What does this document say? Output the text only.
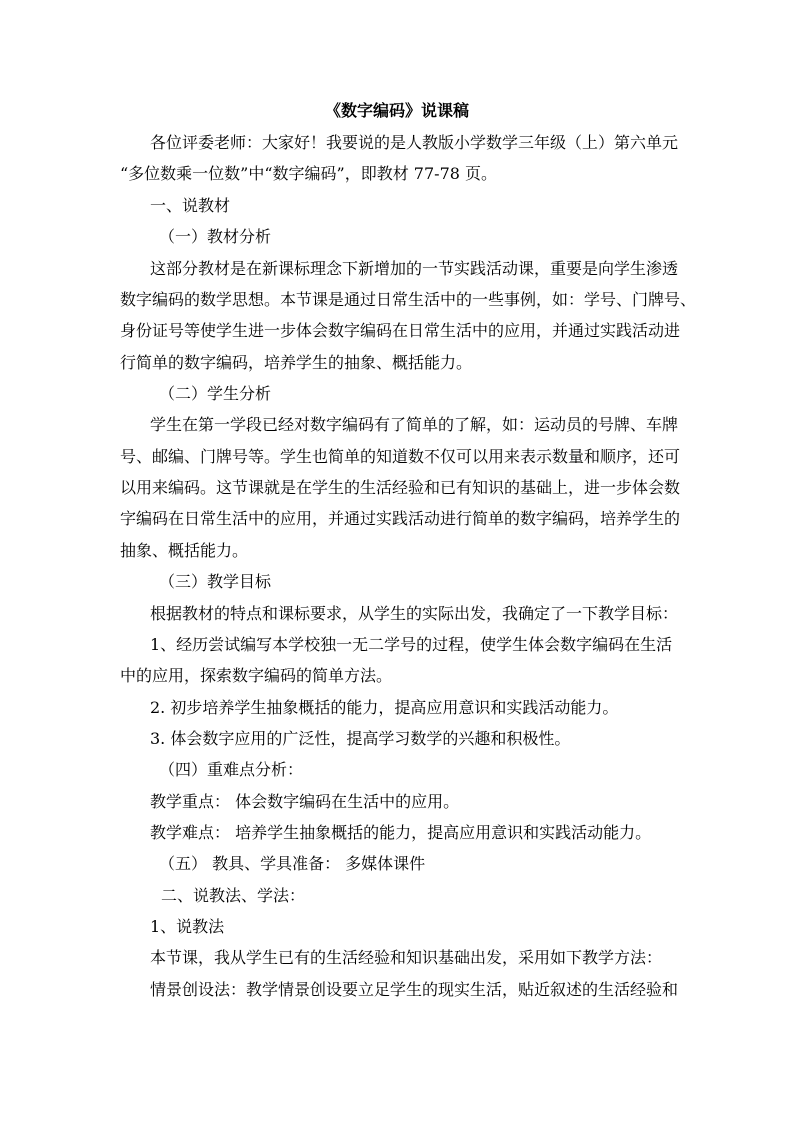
《数字编码》说课稿
各位评委老师：大家好！我要说的是人教版小学数学三年级（上）第六单元
“多位数乘一位数”中“数字编码”，即教材 77-78 页。
一、说教材
（一）教材分析
这部分教材是在新课标理念下新增加的一节实践活动课，重要是向学生渗透
数字编码的数学思想。本节课是通过日常生活中的一些事例，如：学号、门牌号、
身份证号等使学生进一步体会数字编码在日常生活中的应用，并通过实践活动进
行简单的数字编码，培养学生的抽象、概括能力。
（二）学生分析
学生在第一学段已经对数字编码有了简单的了解，如：运动员的号牌、车牌
号、邮编、门牌号等。学生也简单的知道数不仅可以用来表示数量和顺序，还可
以用来编码。这节课就是在学生的生活经验和已有知识的基础上，进一步体会数
字编码在日常生活中的应用，并通过实践活动进行简单的数字编码，培养学生的
抽象、概括能力。
（三）教学目标
根据教材的特点和课标要求，从学生的实际出发，我确定了一下教学目标：
1、经历尝试编写本学校独一无二学号的过程，使学生体会数字编码在生活
中的应用，探索数字编码的简单方法。
2. 初步培养学生抽象概括的能力，提高应用意识和实践活动能力。
3. 体会数字应用的广泛性，提高学习数学的兴趣和积极性。
（四）重难点分析：
教学重点： 体会数字编码在生活中的应用。
教学难点： 培养学生抽象概括的能力，提高应用意识和实践活动能力。
（五） 教具、学具准备： 多媒体课件
二、说教法、学法：
1、说教法
本节课，我从学生已有的生活经验和知识基础出发，采用如下教学方法：
情景创设法：教学情景创设要立足学生的现实生活，贴近叙述的生活经验和
